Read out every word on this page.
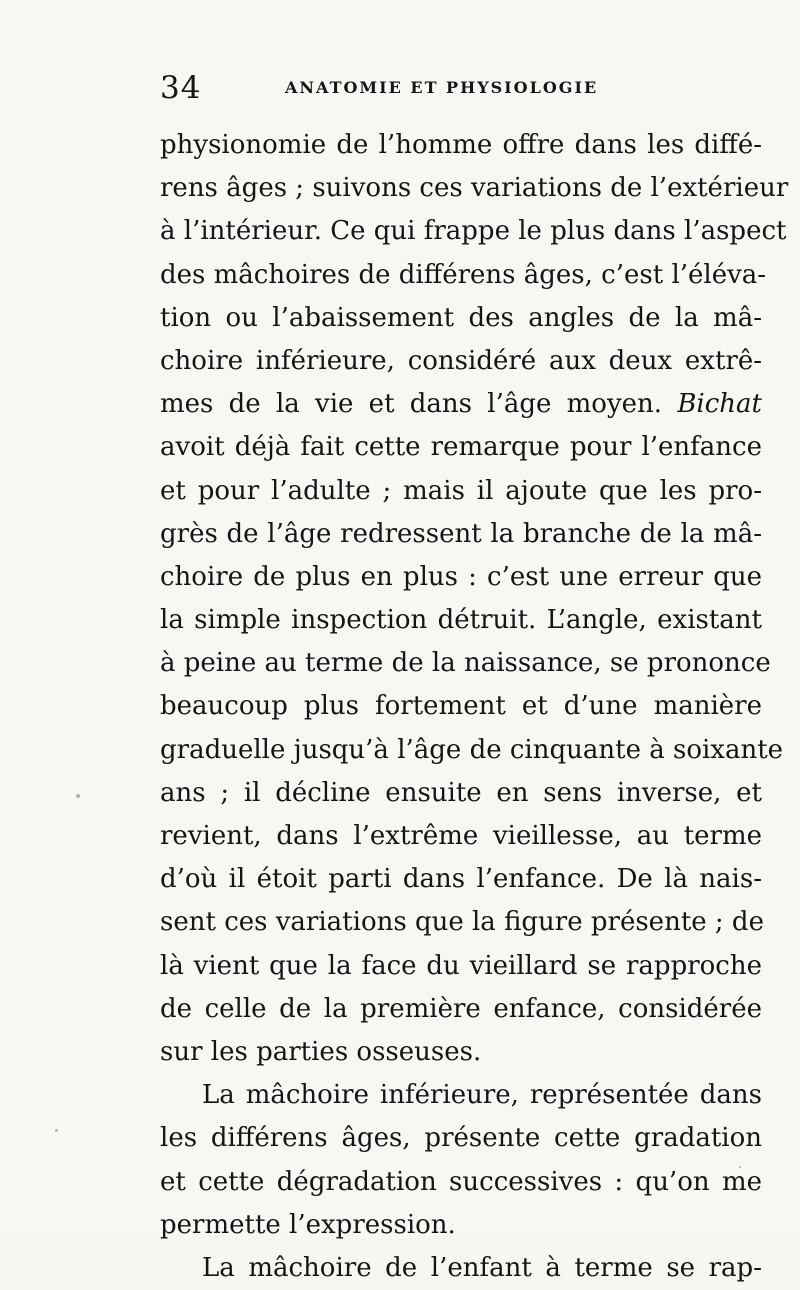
34	ANATOMIE ET PHYSIOLOGIE
physionomie de l’homme offre dans les diffé-
rens âges ; suivons ces variations de l’extérieur
à l’intérieur. Ce qui frappe le plus dans l’aspect
des mâchoires de différens âges, c’est l’éléva-
tion ou l’abaissement des angles de la mâ-
choire inférieure, considéré aux deux extrê-
mes de la vie et dans l’âge moyen. Bichat
avoit déjà fait cette remarque pour l’enfance
et pour l’adulte ; mais il ajoute que les pro-
grès de l’âge redressent la branche de la mâ-
choire de plus en plus : c’est une erreur que
la simple inspection détruit. L’angle, existant
à peine au terme de la naissance, se prononce
beaucoup plus fortement et d’une manière
graduelle jusqu’à l’âge de cinquante à soixante
ans ; il décline ensuite en sens inverse, et
revient, dans l’extrême vieillesse, au terme
d’où il étoit parti dans l’enfance. De là nais-
sent ces variations que la figure présente ; de
là vient que la face du vieillard se rapproche
de celle de la première enfance, considérée
sur les parties osseuses.
La mâchoire inférieure, représentée dans
les différens âges, présente cette gradation
et cette dégradation successives : qu’on me
permette l’expression.
La mâchoire de l’enfant à terme se rap-
